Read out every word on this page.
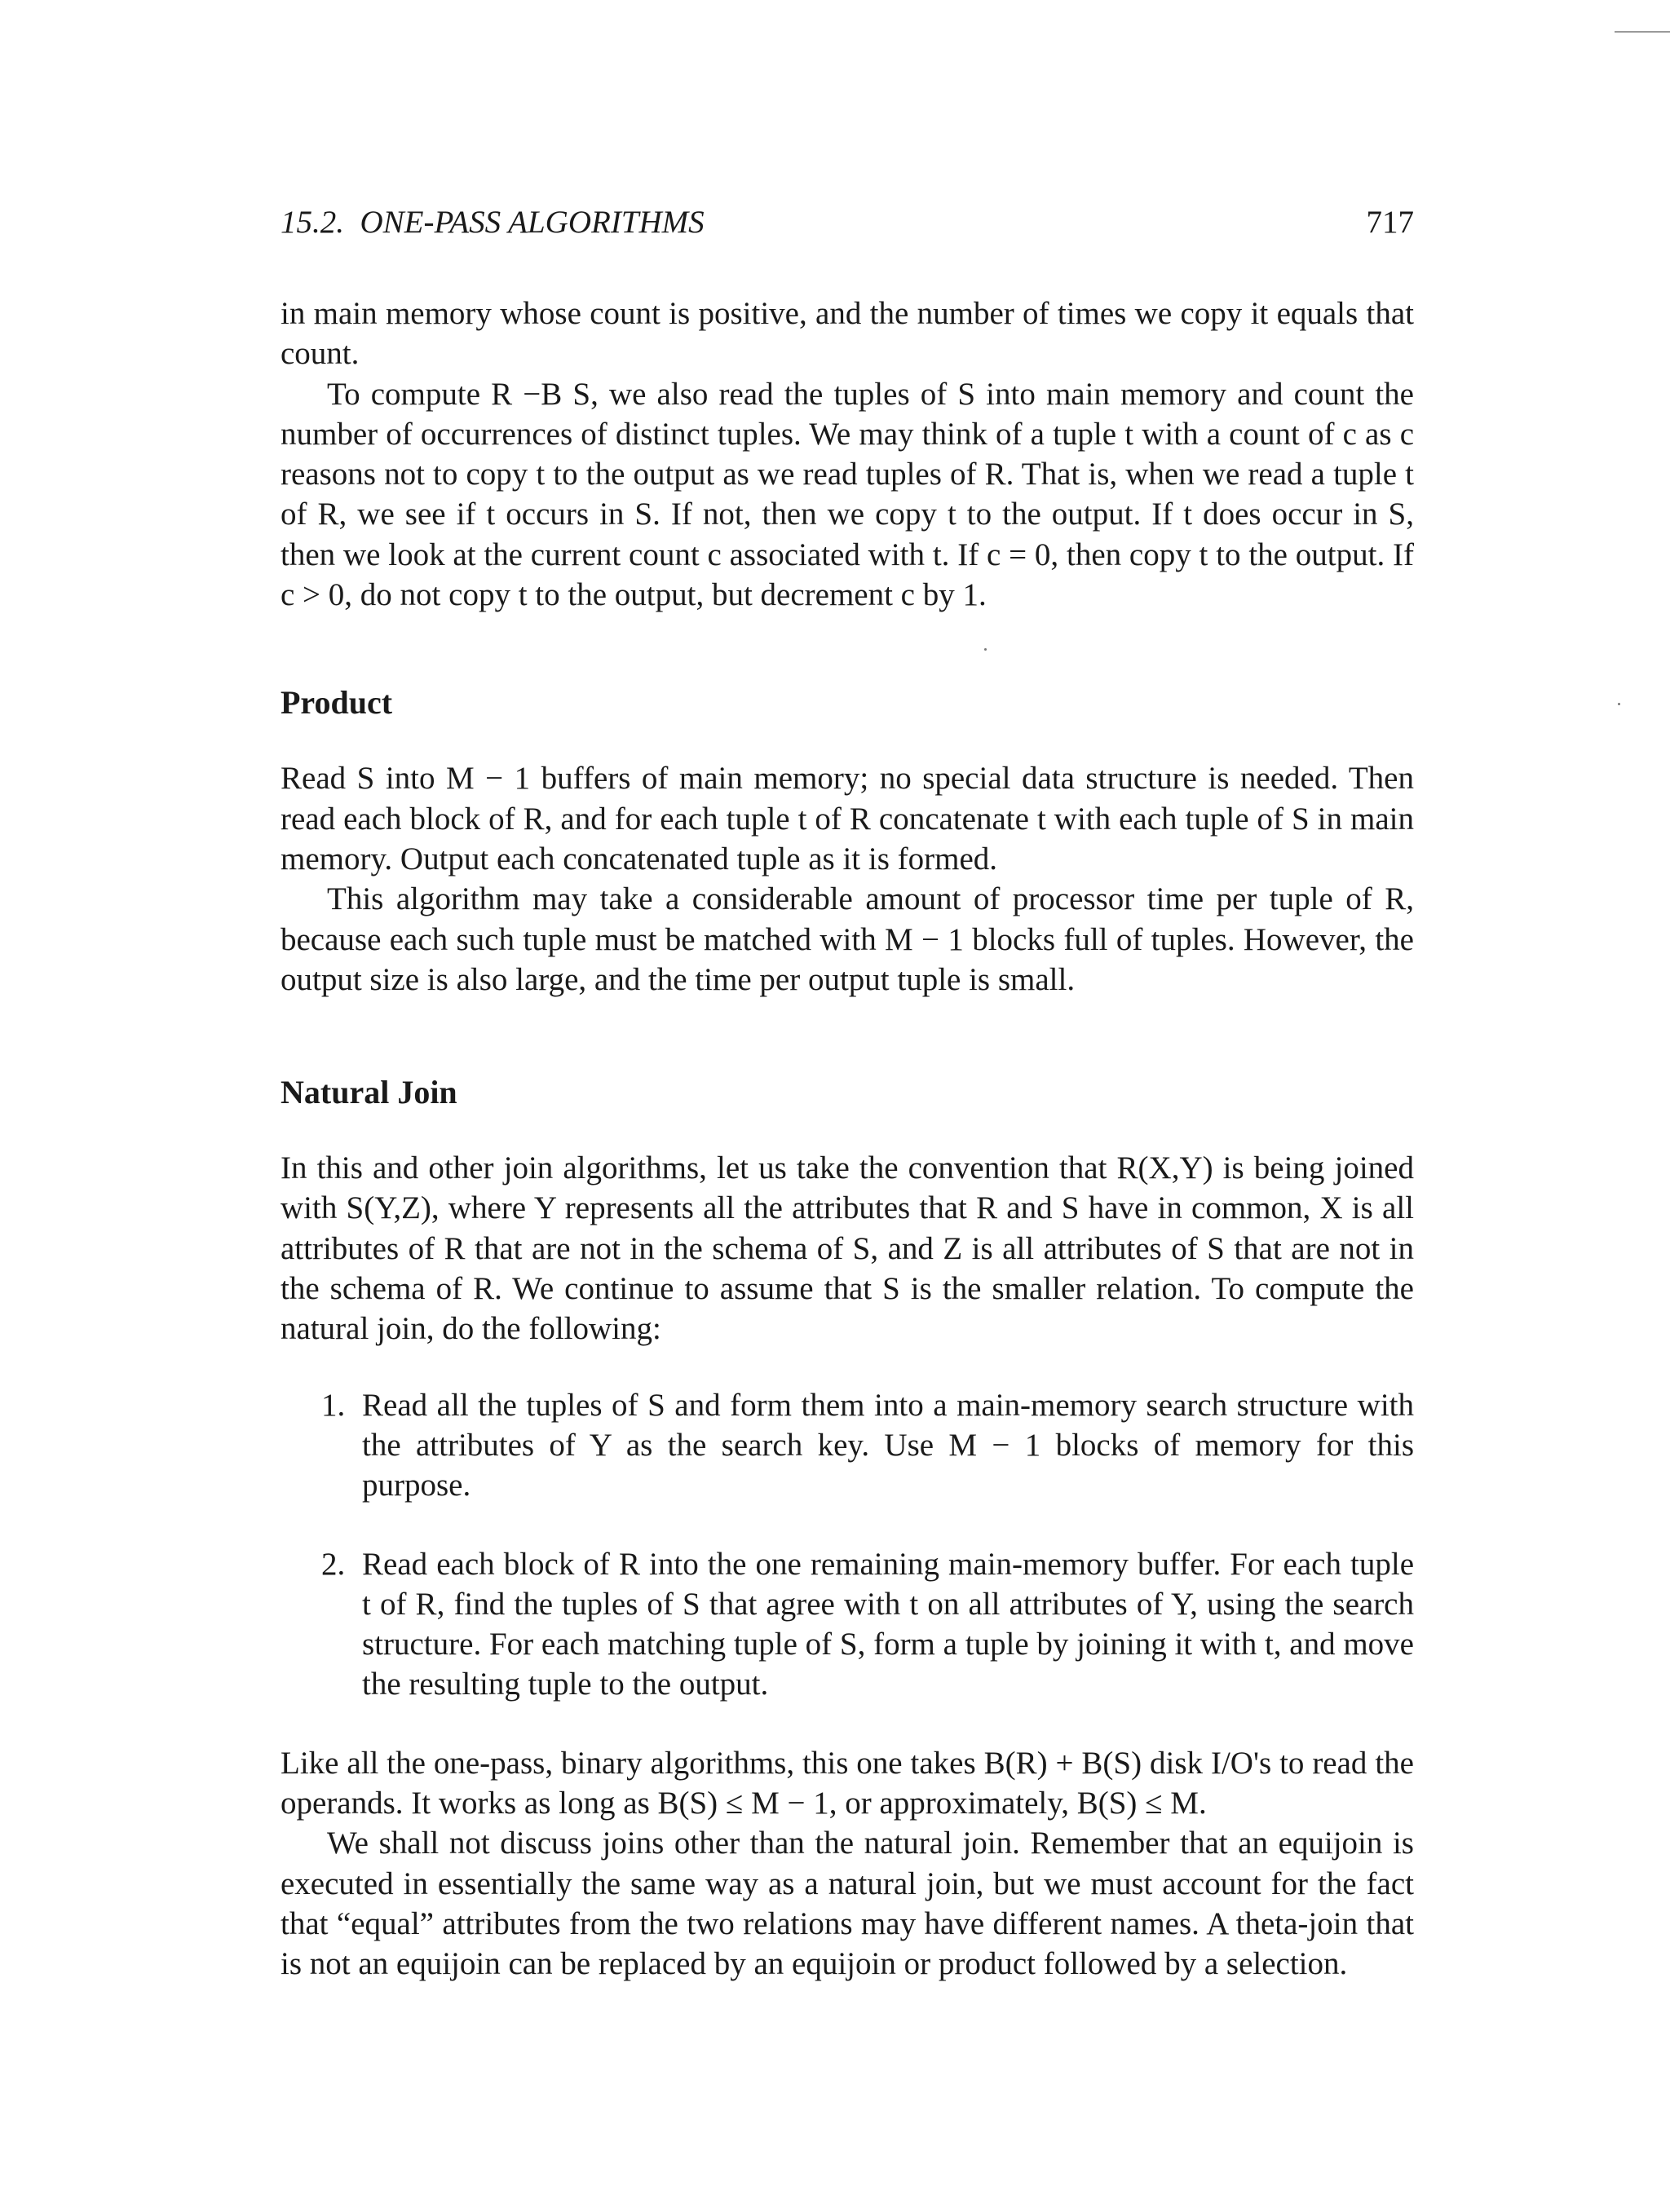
15.2. ONE-PASS ALGORITHMS	717

in main memory whose count is positive, and the number of times we copy it equals that count.

To compute R −B S, we also read the tuples of S into main memory and count the number of occurrences of distinct tuples. We may think of a tuple t with a count of c as c reasons not to copy t to the output as we read tuples of R. That is, when we read a tuple t of R, we see if t occurs in S. If not, then we copy t to the output. If t does occur in S, then we look at the current count c associated with t. If c = 0, then copy t to the output. If c > 0, do not copy t to the output, but decrement c by 1.

Product

Read S into M − 1 buffers of main memory; no special data structure is needed. Then read each block of R, and for each tuple t of R concatenate t with each tuple of S in main memory. Output each concatenated tuple as it is formed.

This algorithm may take a considerable amount of processor time per tuple of R, because each such tuple must be matched with M − 1 blocks full of tuples. However, the output size is also large, and the time per output tuple is small.

Natural Join

In this and other join algorithms, let us take the convention that R(X,Y) is being joined with S(Y,Z), where Y represents all the attributes that R and S have in common, X is all attributes of R that are not in the schema of S, and Z is all attributes of S that are not in the schema of R. We continue to assume that S is the smaller relation. To compute the natural join, do the following:

1. Read all the tuples of S and form them into a main-memory search structure with the attributes of Y as the search key. Use M − 1 blocks of memory for this purpose.
2. Read each block of R into the one remaining main-memory buffer. For each tuple t of R, find the tuples of S that agree with t on all attributes of Y, using the search structure. For each matching tuple of S, form a tuple by joining it with t, and move the resulting tuple to the output.

Like all the one-pass, binary algorithms, this one takes B(R) + B(S) disk I/O's to read the operands. It works as long as B(S) ≤ M − 1, or approximately, B(S) ≤ M.

We shall not discuss joins other than the natural join. Remember that an equijoin is executed in essentially the same way as a natural join, but we must account for the fact that “equal” attributes from the two relations may have different names. A theta-join that is not an equijoin can be replaced by an equijoin or product followed by a selection.
